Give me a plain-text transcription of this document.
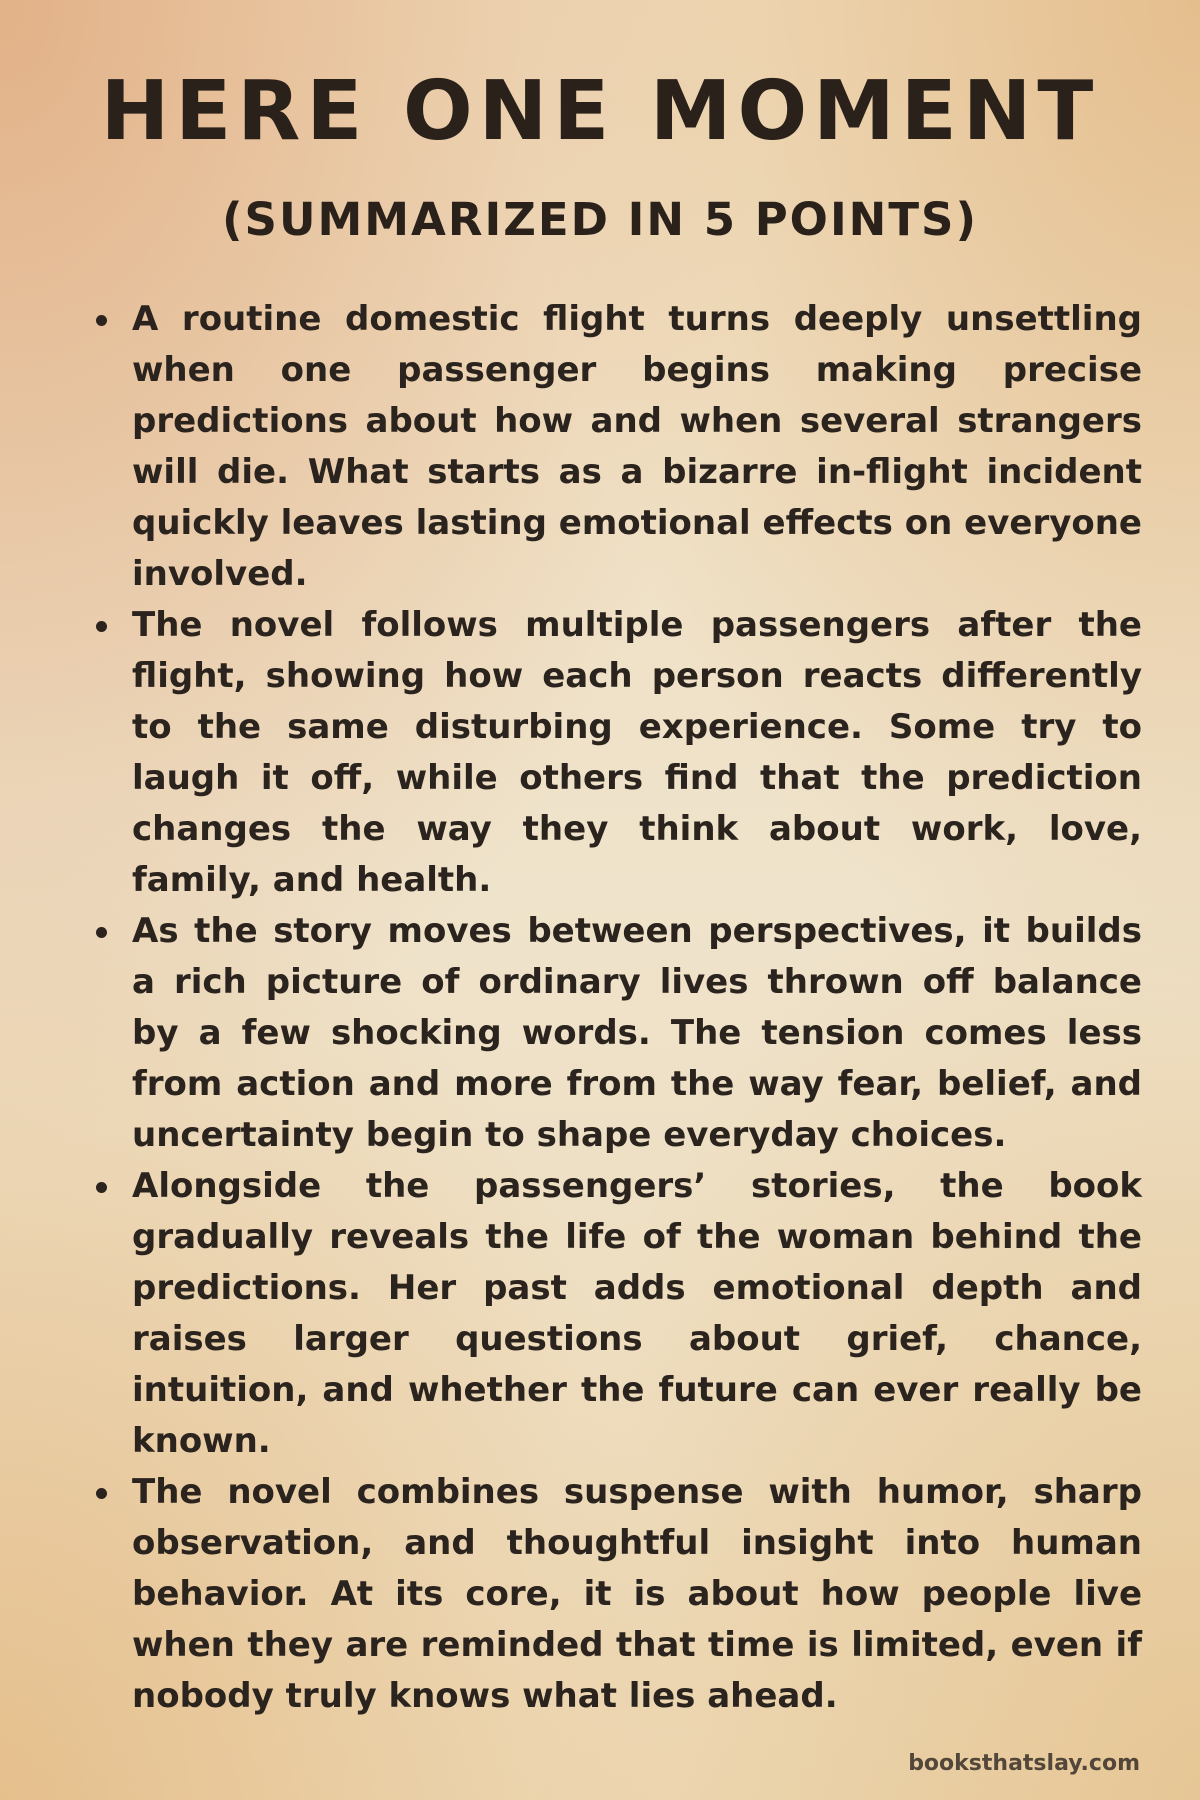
HERE ONE MOMENT
(SUMMARIZED IN 5 POINTS)
A routine domestic flight turns deeply unsettling when one passenger begins making precise predictions about how and when several strangers will die. What starts as a bizarre in-flight incident quickly leaves lasting emotional effects on everyone involved.
The novel follows multiple passengers after the flight, showing how each person reacts differently to the same disturbing experience. Some try to laugh it off, while others find that the prediction changes the way they think about work, love, family, and health.
As the story moves between perspectives, it builds a rich picture of ordinary lives thrown off balance by a few shocking words. The tension comes less from action and more from the way fear, belief, and uncertainty begin to shape everyday choices.
Alongside the passengers’ stories, the book gradually reveals the life of the woman behind the predictions. Her past adds emotional depth and raises larger questions about grief, chance, intuition, and whether the future can ever really be known.
The novel combines suspense with humor, sharp observation, and thoughtful insight into human behavior. At its core, it is about how people live when they are reminded that time is limited, even if nobody truly knows what lies ahead.
booksthatslay.com
